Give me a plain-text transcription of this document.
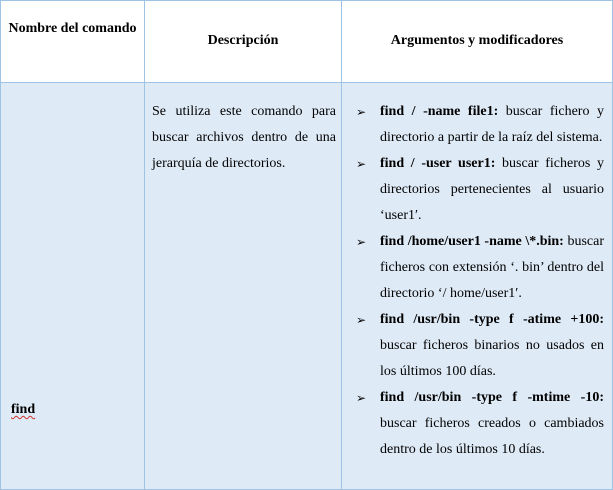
Nombre del comando
Descripción	Argumentos y modificadores
find
Se utiliza este comando para buscar archivos dentro de una jerarquía de directorios.
➢ find / -name file1: buscar fichero y directorio a partir de la raíz del sistema.
➢ find / -user user1: buscar ficheros y directorios pertenecientes al usuario ‘user1′.
➢ find /home/user1 -name \*.bin: buscar ficheros con extensión ‘. bin’ dentro del directorio ‘/ home/user1′.
➢ find /usr/bin -type f -atime +100: buscar ficheros binarios no usados en los últimos 100 días.
➢ find /usr/bin -type f -mtime -10: buscar ficheros creados o cambiados dentro de los últimos 10 días.
